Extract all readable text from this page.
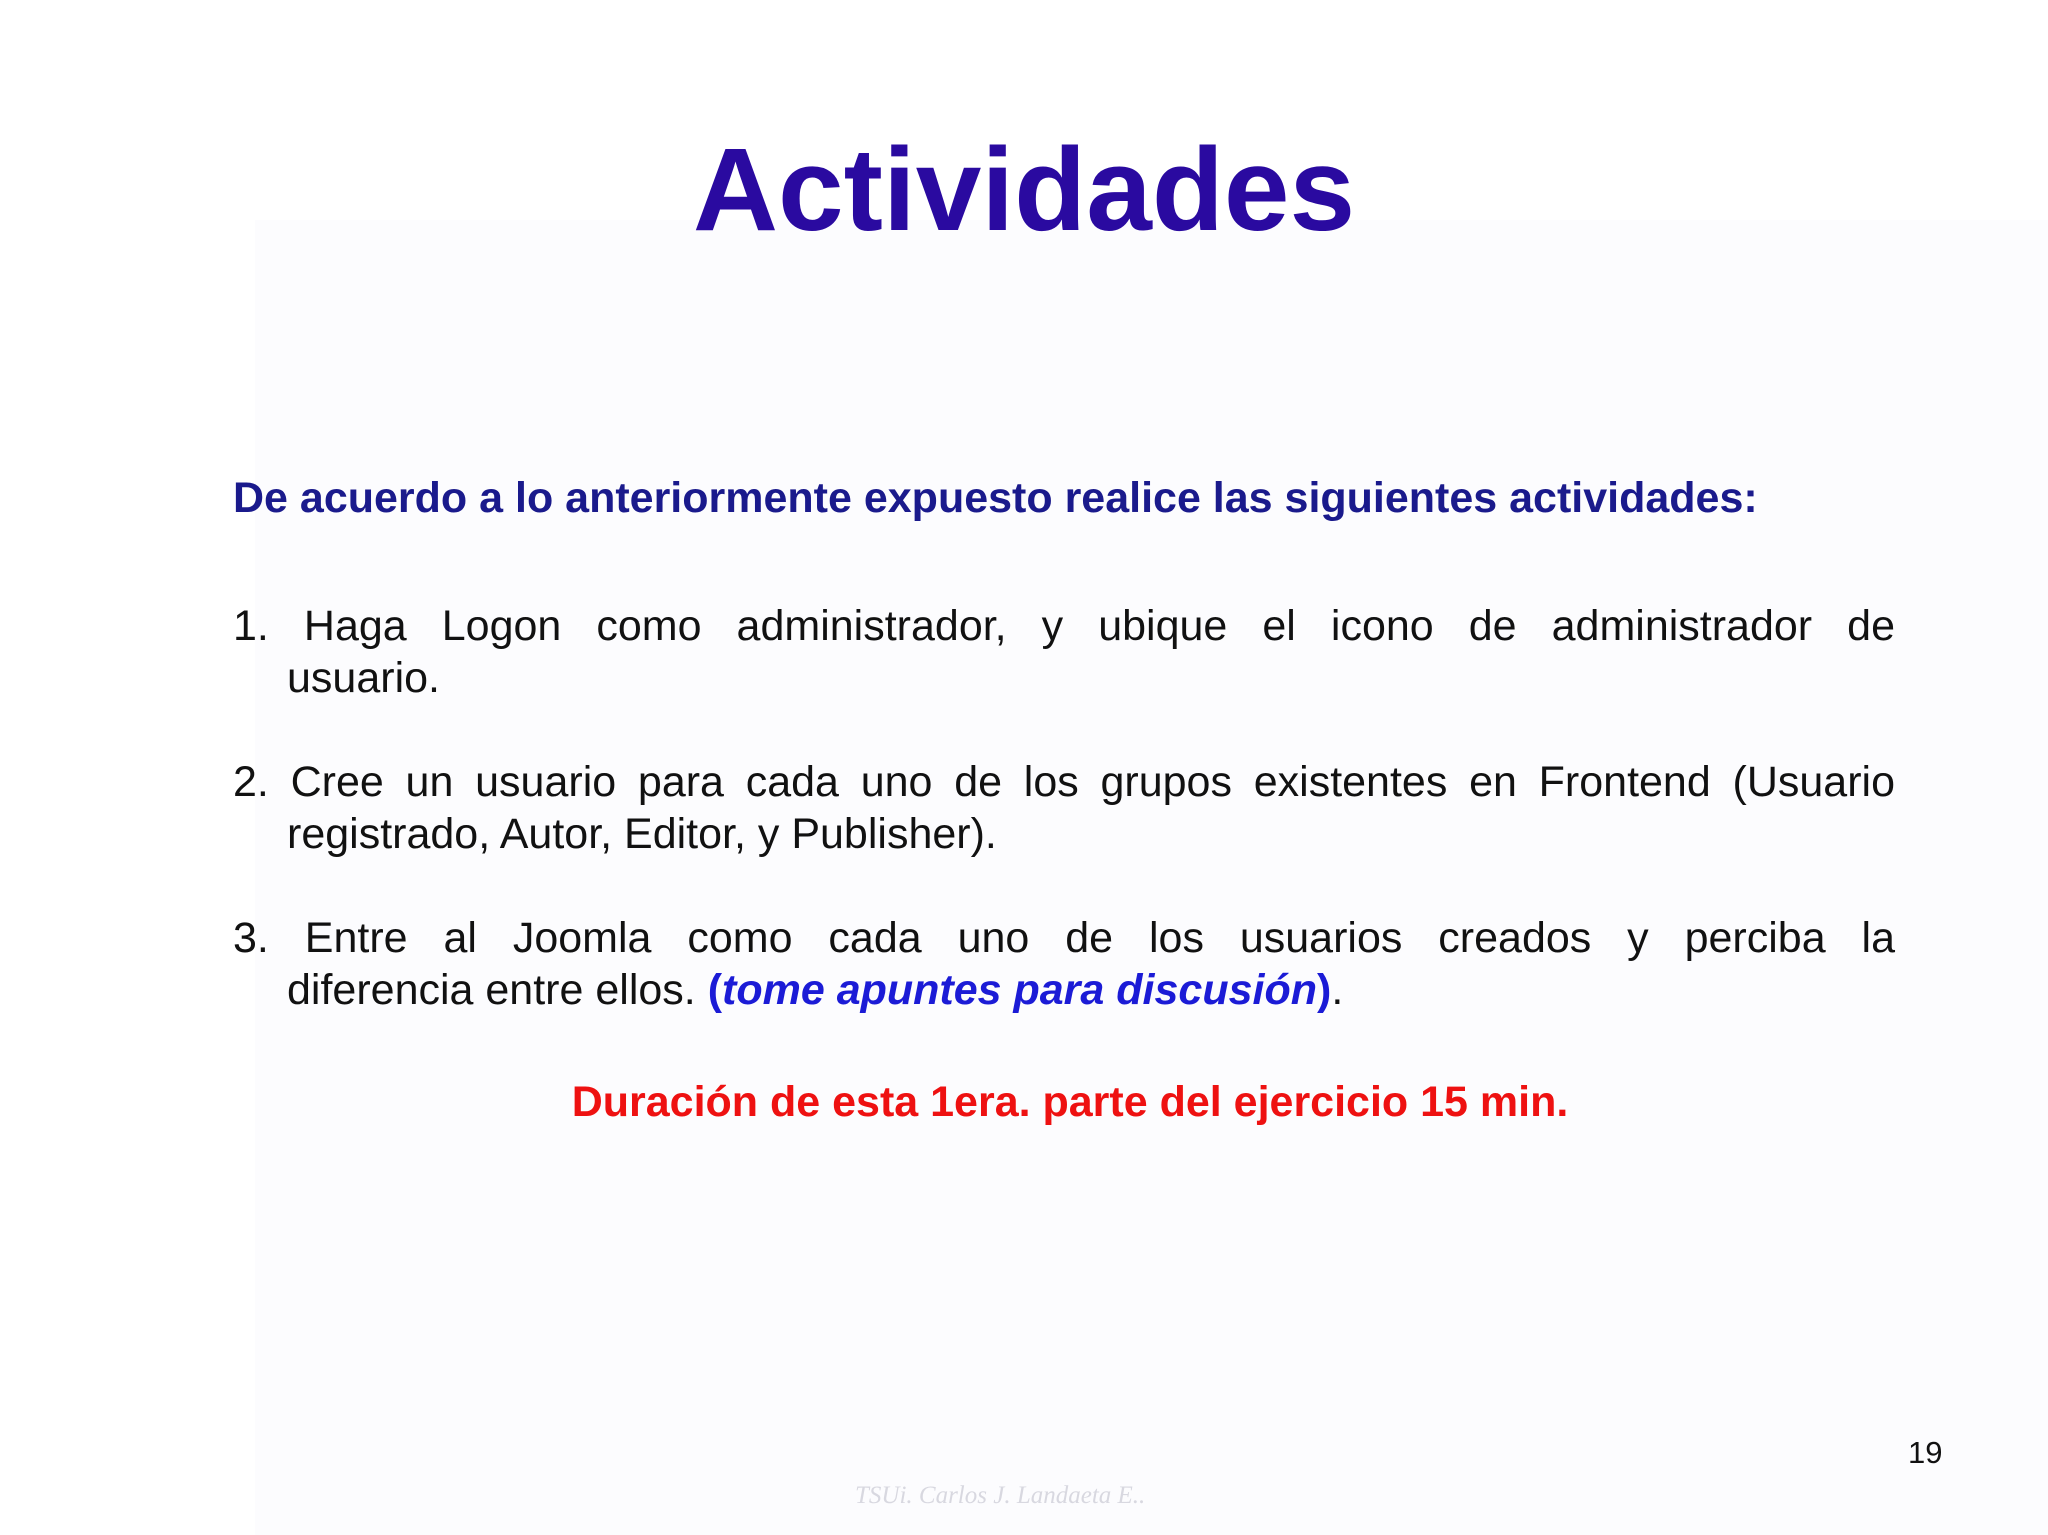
Actividades
De acuerdo a lo anteriormente expuesto realice las siguientes actividades:
1. Haga Logon como administrador, y ubique el icono de administrador de
usuario.
2. Cree un usuario para cada uno de los grupos existentes en Frontend (Usuario
registrado, Autor, Editor, y Publisher).
3. Entre al Joomla como cada uno de los usuarios creados y perciba la
diferencia entre ellos. (tome apuntes para discusión).
Duración de esta 1era. parte del ejercicio 15 min.
19
TSUi. Carlos J. Landaeta E..
